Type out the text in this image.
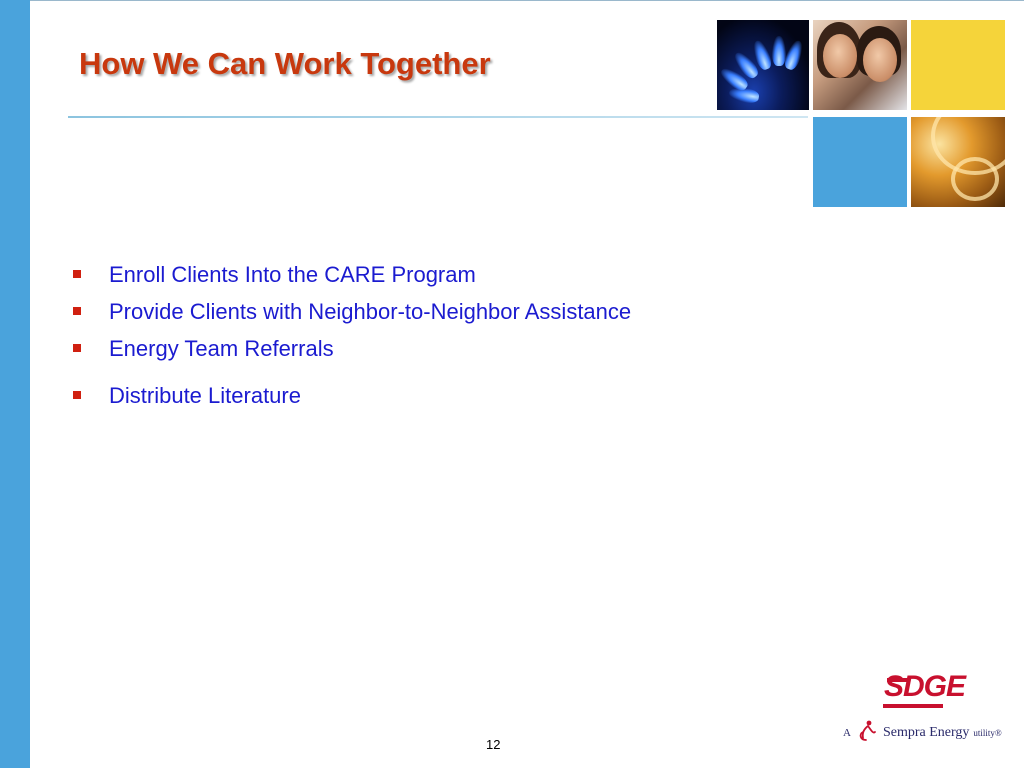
How We Can Work Together
Enroll Clients Into the CARE Program
Provide Clients with Neighbor-to-Neighbor Assistance
Energy Team Referrals
Distribute Literature
SDGE
A Sempra Energy utility®
12
